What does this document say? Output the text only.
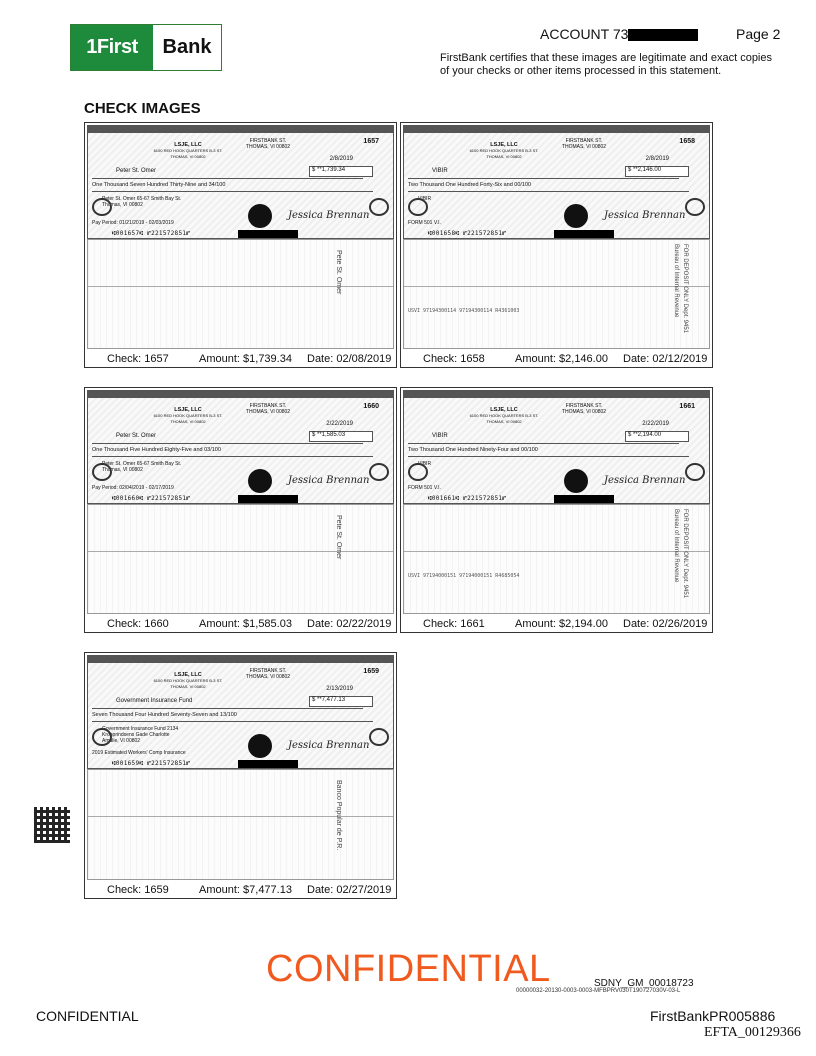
1First	Bank
ACCOUNT 73	Page 2
FirstBank certifies that these images are legitimate and exact copies of your checks or other items processed in this statement.
CHECK IMAGES
1657
LSJE, LLC
6100 RED HOOK QUARTERS B-3 ST. THOMAS, VI 00802
FIRSTBANK ST. THOMAS, VI 00802
2/8/2019
Peter St. Omer	$ **1,739.34
One Thousand Seven Hundred Thirty-Nine and 34/100
Peter St. Omer 65-67 Smith Bay St. Thomas, VI 00802
Pay Period: 01/21/2019 - 02/03/2019
⑆001657⑆ ⑈221572851⑈
Jessica Brennan
Pete St. Omer
Check: 1657	Amount: $1,739.34 Date: 02/08/2019
1658
LSJE, LLC
6100 RED HOOK QUARTERS B-3 ST. THOMAS, VI 00802
FIRSTBANK ST. THOMAS, VI 00802
2/8/2019
VIBIR	$ **2,146.00
Two Thousand One Hundred Forty-Six and 00/100
VIBIR
FORM 501 V.I.
⑆001658⑆ ⑈221572851⑈
Jessica Brennan
FOR DEPOSIT ONLY Dept. 9451 Bureau of Internal Revenue
USVI 97194300114 97194300114 R4361003
Check: 1658	Amount: $2,146.00 Date: 02/12/2019
1660
LSJE, LLC
6100 RED HOOK QUARTERS B-3 ST. THOMAS, VI 00802
FIRSTBANK ST. THOMAS, VI 00802
2/22/2019
Peter St. Omer	$ **1,585.03
One Thousand Five Hundred Eighty-Five and 03/100
Peter St. Omer 65-67 Smith Bay St. Thomas, VI 00802
Pay Period: 02/04/2019 - 02/17/2019
⑆001660⑆ ⑈221572851⑈
Jessica Brennan
Pete St. Omer
Check: 1660	Amount: $1,585.03 Date: 02/22/2019
1661
LSJE, LLC
6100 RED HOOK QUARTERS B-3 ST. THOMAS, VI 00802
FIRSTBANK ST. THOMAS, VI 00802
2/22/2019
VIBIR	$ **2,194.00
Two Thousand One Hundred Ninety-Four and 00/100
VIBIR
FORM 501 V.I.
⑆001661⑆ ⑈221572851⑈
Jessica Brennan
FOR DEPOSIT ONLY Dept. 9451 Bureau of Internal Revenue
USVI 97194000151 97194000151 R4685054
Check: 1661	Amount: $2,194.00 Date: 02/26/2019
1659
LSJE, LLC
6100 RED HOOK QUARTERS B-3 ST. THOMAS, VI 00802
FIRSTBANK ST. THOMAS, VI 00802
2/13/2019
Government Insurance Fund	$ **7,477.13
Seven Thousand Four Hundred Seventy-Seven and 13/100
Government Insurance Fund 2134 Kronprindsens Gade Charlotte Amalie, VI 00802
2019 Estimated Workers' Comp Insurance
⑆001659⑆ ⑈221572851⑈
Jessica Brennan
Banco Popular de P.R.
Check: 1659	Amount: $7,477.13 Date: 02/27/2019
CONFIDENTIAL	SDNY_GM_00018723
00000032-20130-0003-0003-MFBPRV030T190727030V-03-L
CONFIDENTIAL	FirstBankPR005886
EFTA_00129366
